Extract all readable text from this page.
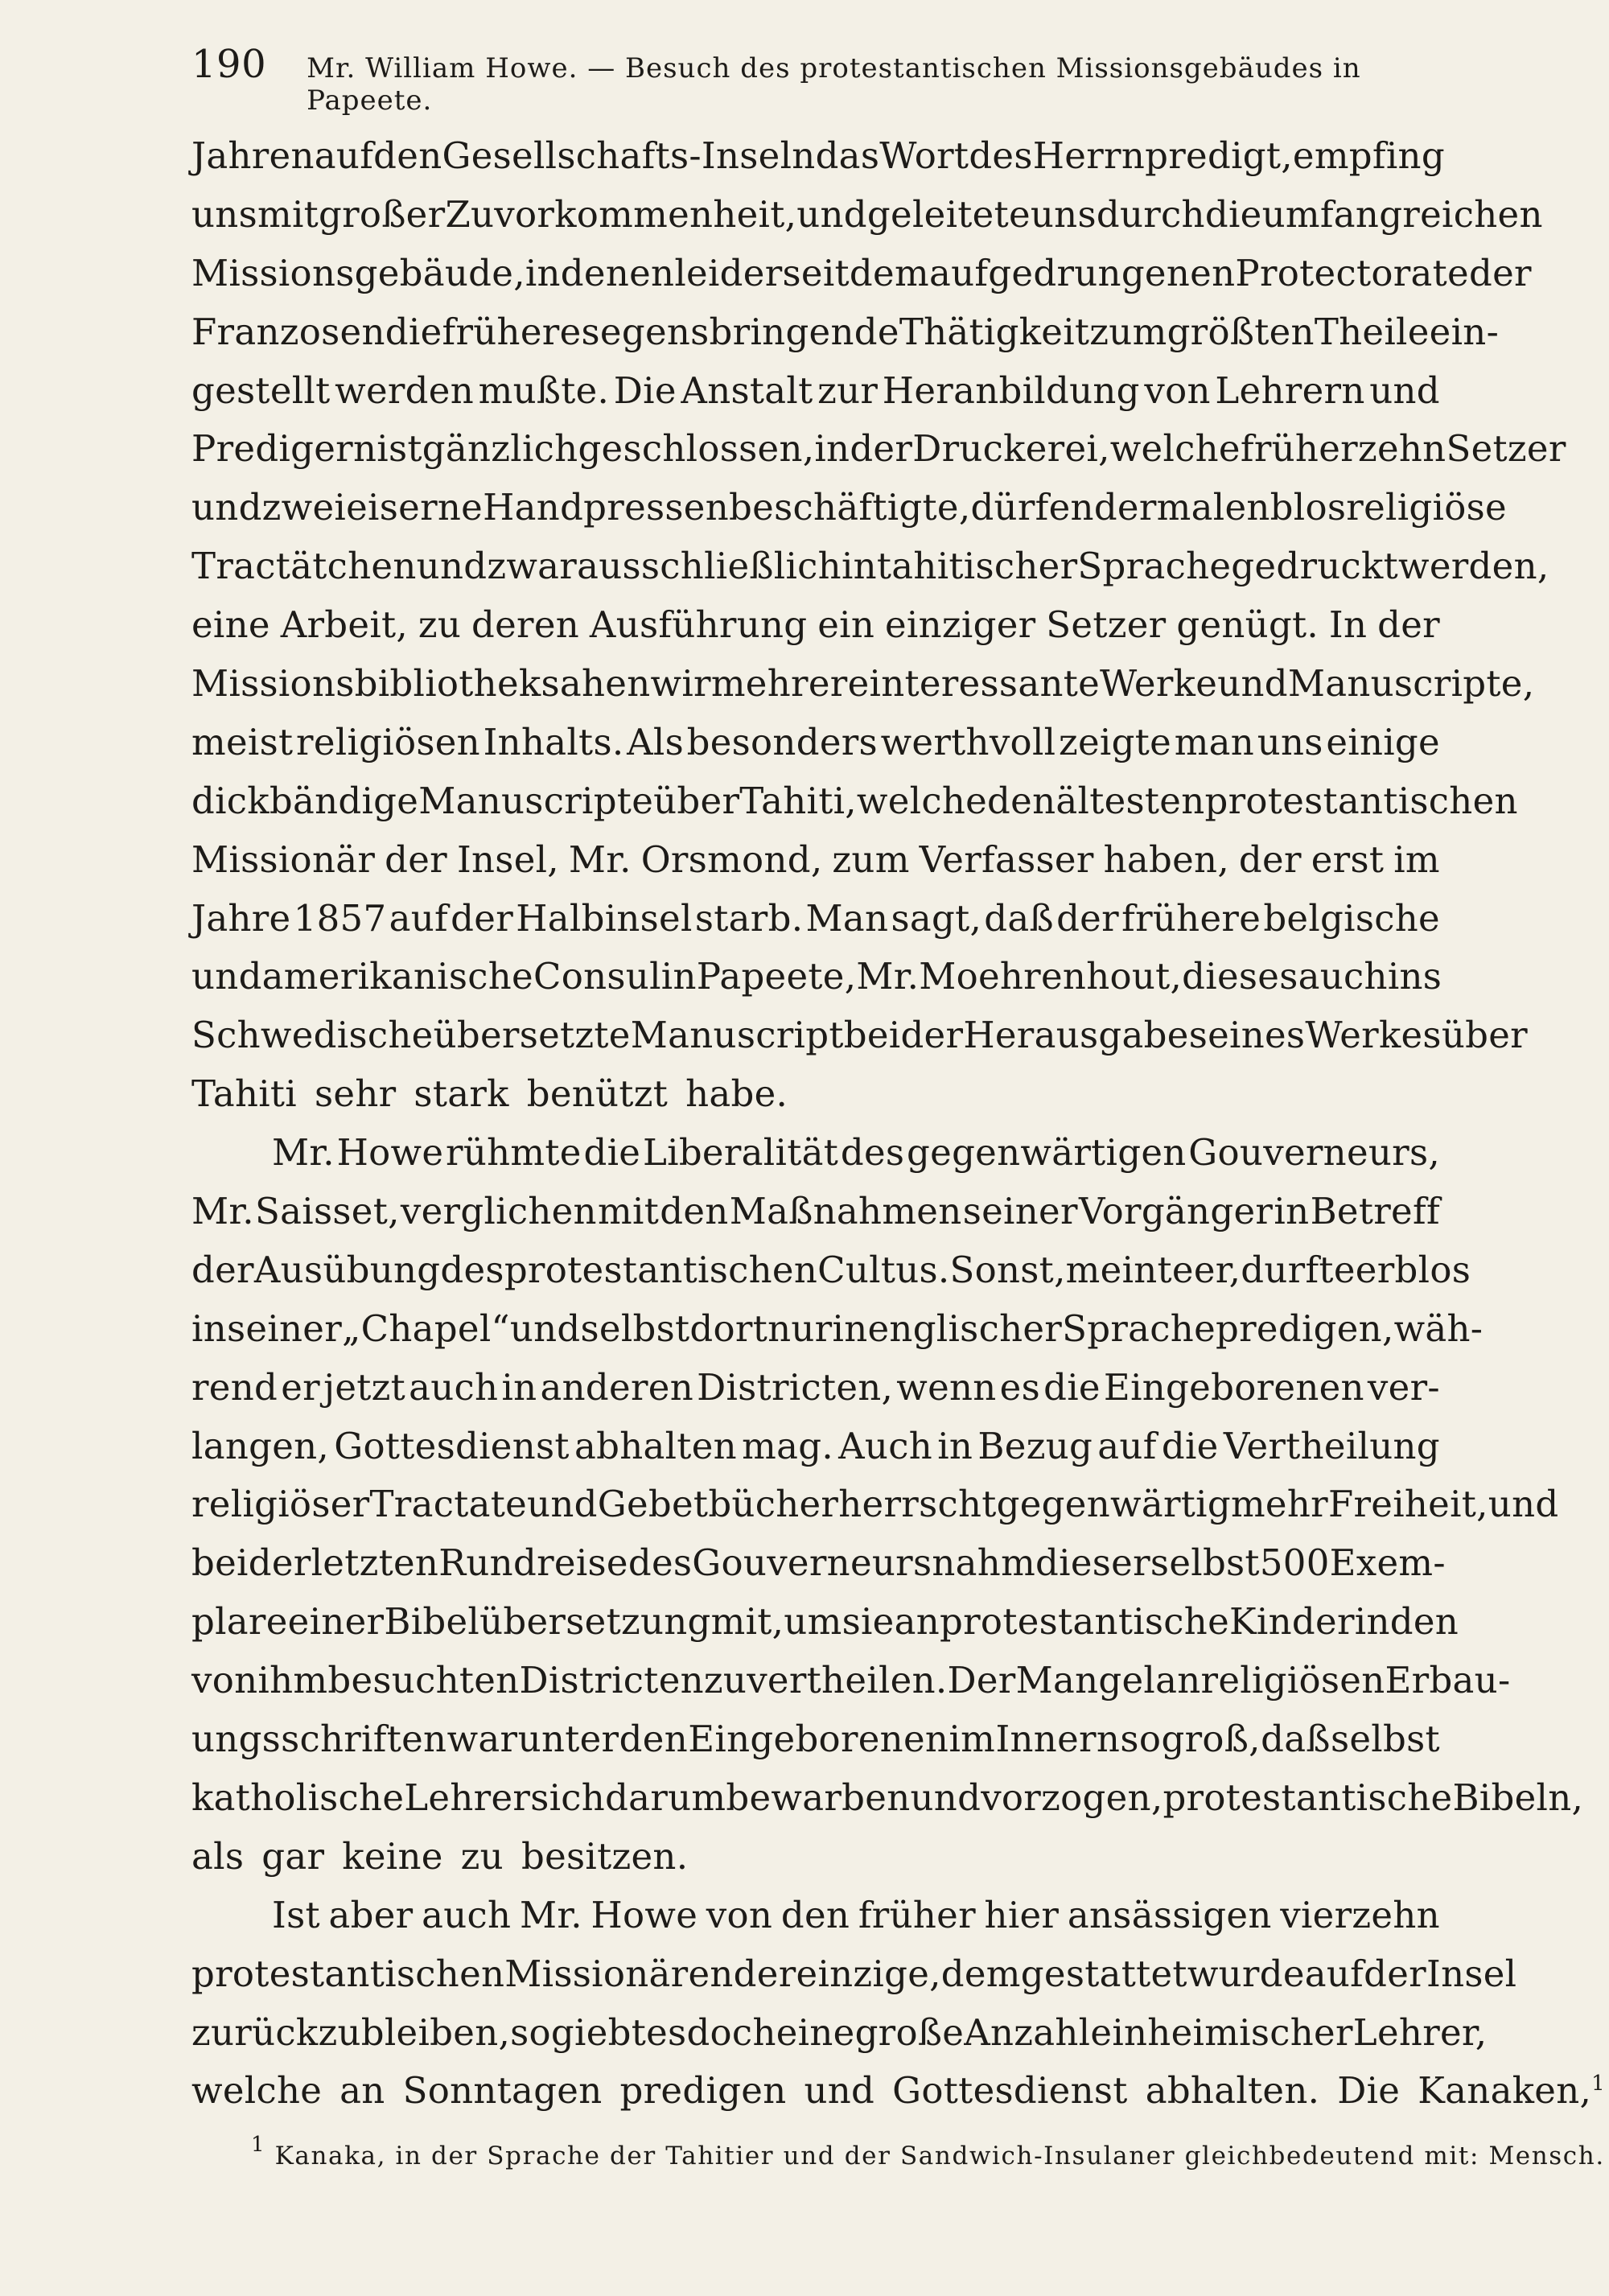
190 Mr. William Howe. — Besuch des protestantischen Missionsgebäudes in Papeete.
Jahren auf den Gesellschafts-Inseln das Wort des Herrn predigt, empfing
uns mit großer Zuvorkommenheit, und geleitete uns durch die umfangreichen
Missionsgebäude, in denen leider seit dem aufgedrungenen Protectorate der
Franzosen die frühere segensbringende Thätigkeit zum größten Theile ein-
gestellt werden mußte. Die Anstalt zur Heranbildung von Lehrern und
Predigern ist gänzlich geschlossen, in der Druckerei, welche früher zehn Setzer
und zwei eiserne Handpressen beschäftigte, dürfen dermalen blos religiöse
Tractätchen und zwar ausschließlich in tahitischer Sprache gedruckt werden,
eine Arbeit, zu deren Ausführung ein einziger Setzer genügt. In der
Missionsbibliothek sahen wir mehrere interessante Werke und Manuscripte,
meist religiösen Inhalts. Als besonders werthvoll zeigte man uns einige
dickbändige Manuscripte über Tahiti, welche den ältesten protestantischen
Missionär der Insel, Mr. Orsmond, zum Verfasser haben, der erst im
Jahre 1857 auf der Halbinsel starb. Man sagt, daß der frühere belgische
und amerikanische Consul in Papeete, Mr. Moehrenhout, dieses auch ins
Schwedische übersetzte Manuscript bei der Herausgabe seines Werkes über
Tahiti sehr stark benützt habe.
Mr. Howe rühmte die Liberalität des gegenwärtigen Gouverneurs,
Mr. Saisset, verglichen mit den Maßnahmen seiner Vorgänger in Betreff
der Ausübung des protestantischen Cultus. Sonst, meinte er, durfte er blos
in seiner „Chapel“ und selbst dort nur in englischer Sprache predigen, wäh-
rend er jetzt auch in anderen Districten, wenn es die Eingeborenen ver-
langen, Gottesdienst abhalten mag. Auch in Bezug auf die Vertheilung
religiöser Tractate und Gebetbücher herrscht gegenwärtig mehr Freiheit, und
bei der letzten Rundreise des Gouverneurs nahm dieser selbst 500 Exem-
plare einer Bibelübersetzung mit, um sie an protestantische Kinder in den
von ihm besuchten Districten zu vertheilen. Der Mangel an religiösen Erbau-
ungsschriften war unter den Eingeborenen im Innern so groß, daß selbst
katholische Lehrer sich darum bewarben und vorzogen, protestantische Bibeln,
als gar keine zu besitzen.
Ist aber auch Mr. Howe von den früher hier ansässigen vierzehn
protestantischen Missionären der einzige, dem gestattet wurde auf der Insel
zurückzubleiben, so giebt es doch eine große Anzahl einheimischer Lehrer,
welche an Sonntagen predigen und Gottesdienst abhalten. Die Kanaken,$^1$
$^1$ Kanaka, in der Sprache der Tahitier und der Sandwich-Insulaner gleichbedeutend mit: Mensch.
